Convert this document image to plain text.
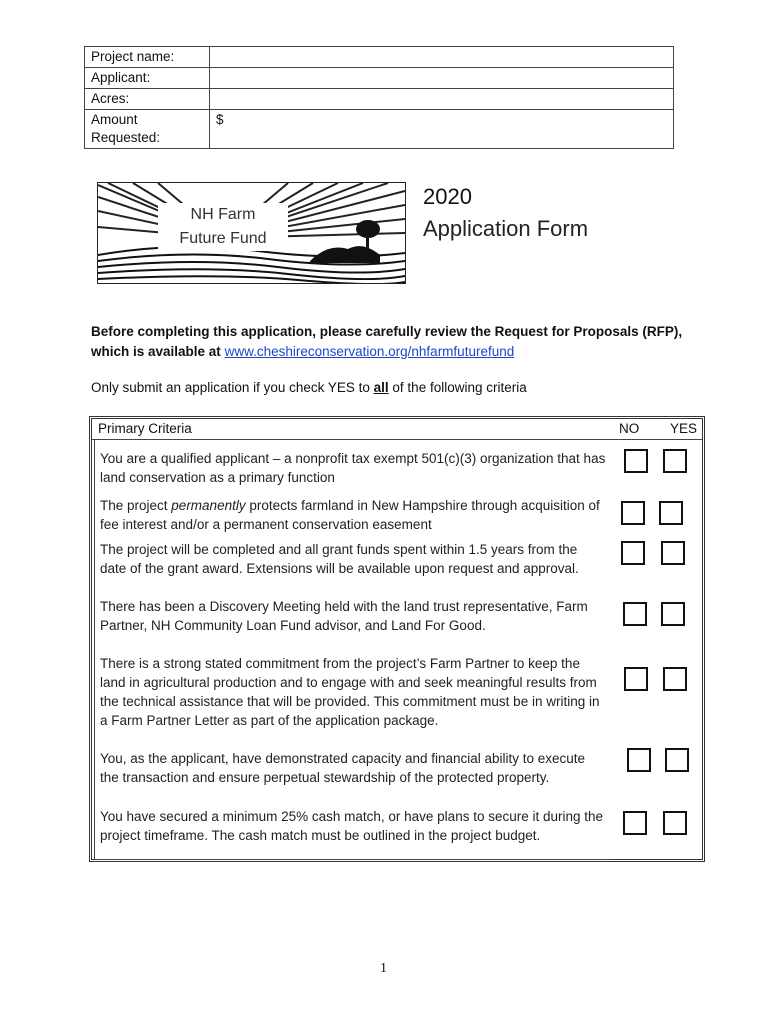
Project name:	
Applicant:	
Acres:	
Amount
Requested:	$
NH Farm
Future Fund
2020
Application Form
Before completing this application, please carefully review the Request for Proposals (RFP), which is available at www.cheshireconservation.org/nhfarmfuturefund
Only submit an application if you check YES to all of the following criteria
Primary Criteria	NO YES
You are a qualified applicant – a nonprofit tax exempt 501(c)(3) organization that has land conservation as a primary function
The project permanently protects farmland in New Hampshire through acquisition of fee interest and/or a permanent conservation easement
The project will be completed and all grant funds spent within 1.5 years from the date of the grant award. Extensions will be available upon request and approval.
There has been a Discovery Meeting held with the land trust representative, Farm Partner, NH Community Loan Fund advisor, and Land For Good.
There is a strong stated commitment from the project’s Farm Partner to keep the land in agricultural production and to engage with and seek meaningful results from the technical assistance that will be provided. This commitment must be in writing in a Farm Partner Letter as part of the application package.
You, as the applicant, have demonstrated capacity and financial ability to execute the transaction and ensure perpetual stewardship of the protected property.
You have secured a minimum 25% cash match, or have plans to secure it during the project timeframe. The cash match must be outlined in the project budget.
1
